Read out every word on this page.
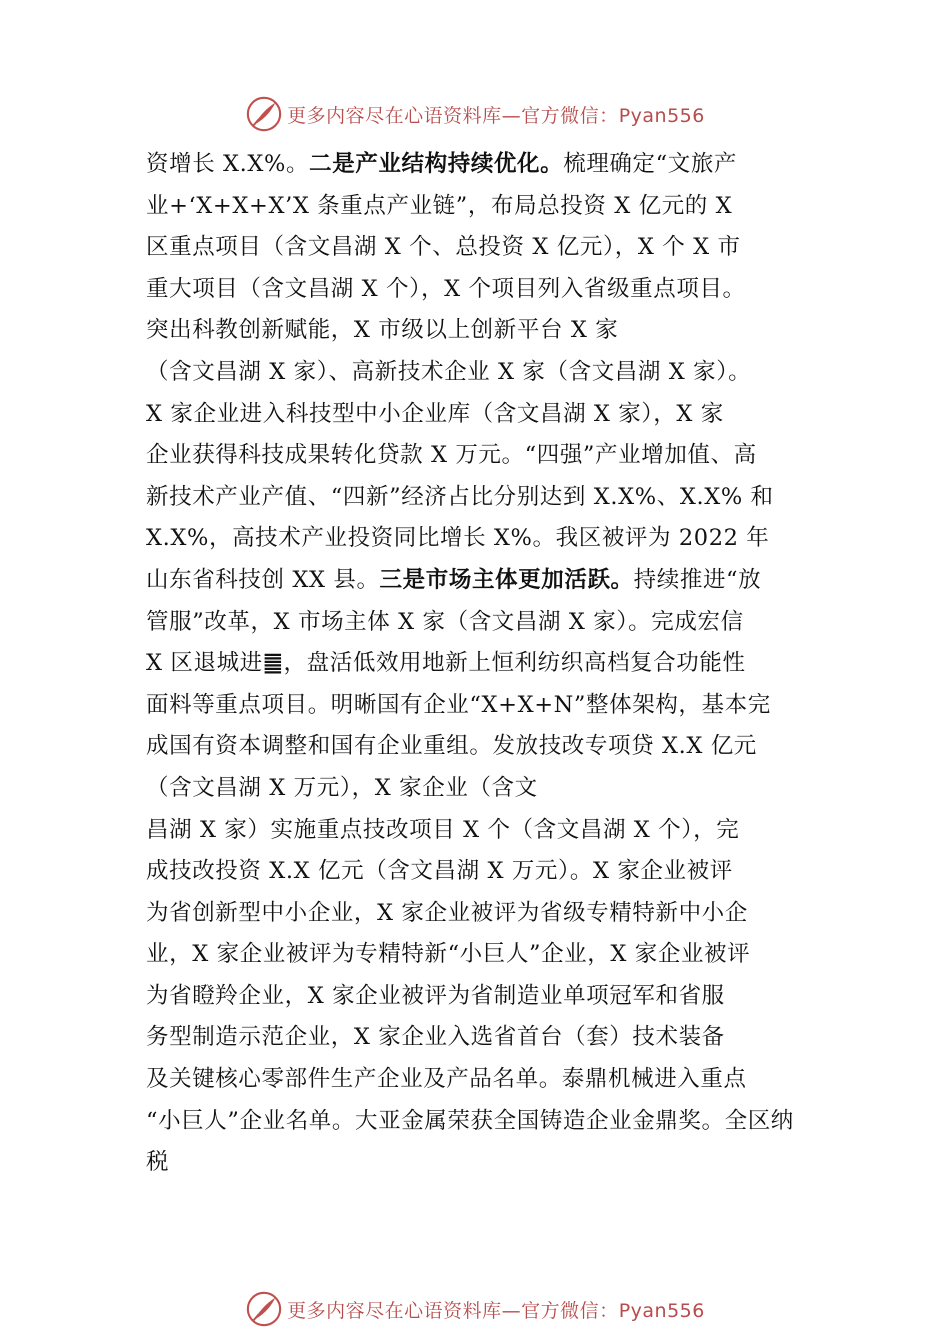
更多内容尽在心语资料库—官方微信：Pyan556
资增长 X.X%。二是产业结构持续优化。梳理确定“文旅产
业+‘X+X+X’X 条重点产业链”，布局总投资 X 亿元的 X
区重点项目（含文昌湖 X 个、总投资 X 亿元），X 个 X 市
重大项目（含文昌湖 X 个），X 个项目列入省级重点项目。
突出科教创新赋能，X 市级以上创新平台 X 家
（含文昌湖 X 家）、高新技术企业 X 家（含文昌湖 X 家）。
X 家企业进入科技型中小企业库（含文昌湖 X 家），X 家
企业获得科技成果转化贷款 X 万元。“四强”产业增加值、高
新技术产业产值、“四新”经济占比分别达到 X.X%、X.X% 和
X.X%，高技术产业投资同比增长 X%。我区被评为 2022 年
山东省科技创 XX 县。三是市场主体更加活跃。持续推进“放
管服”改革，X 市场主体 X 家（含文昌湖 X 家）。完成宏信
X 区退城进䷀，盘活低效用地新上恒利纺织高档复合功能性
面料等重点项目。明晰国有企业“X+X+N”整体架构，基本完
成国有资本调整和国有企业重组。发放技改专项贷 X.X 亿元
（含文昌湖 X 万元），X 家企业（含文
昌湖 X 家）实施重点技改项目 X 个（含文昌湖 X 个），完
成技改投资 X.X 亿元（含文昌湖 X 万元）。X 家企业被评
为省创新型中小企业，X 家企业被评为省级专精特新中小企
业，X 家企业被评为专精特新“小巨人”企业，X 家企业被评
为省瞪羚企业，X 家企业被评为省制造业单项冠军和省服
务型制造示范企业，X 家企业入选省首台（套）技术装备
及关键核心零部件生产企业及产品名单。泰鼎机械进入重点
“小巨人”企业名单。大亚金属荣获全国铸造企业金鼎奖。全区纳
税
更多内容尽在心语资料库—官方微信：Pyan556
